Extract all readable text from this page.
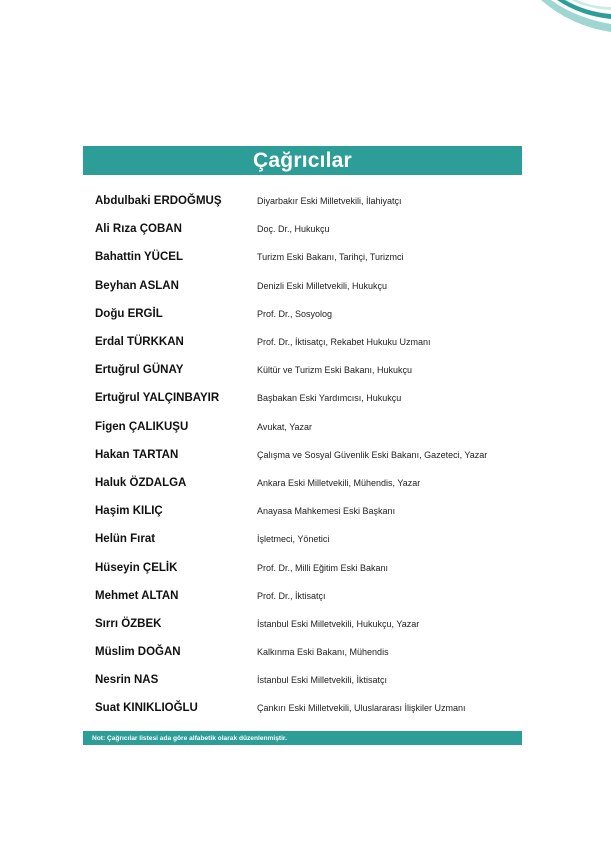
Çağrıcılar
Abdulbaki ERDOĞMUŞ	Diyarbakır Eski Milletvekili, İlahiyatçı
Ali Rıza ÇOBAN	Doç. Dr., Hukukçu
Bahattin YÜCEL	Turizm Eski Bakanı, Tarihçi, Turizmci
Beyhan ASLAN	Denizli Eski Milletvekili, Hukukçu
Doğu ERGİL	Prof. Dr., Sosyolog
Erdal TÜRKKAN	Prof. Dr., İktisatçı, Rekabet Hukuku Uzmanı
Ertuğrul GÜNAY	Kültür ve Turizm Eski Bakanı, Hukukçu
Ertuğrul YALÇINBAYIR	Başbakan Eski Yardımcısı, Hukukçu
Figen ÇALIKUŞU	Avukat, Yazar
Hakan TARTAN	Çalışma ve Sosyal Güvenlik Eski Bakanı, Gazeteci, Yazar
Haluk ÖZDALGA	Ankara Eski Milletvekili, Mühendis, Yazar
Haşim KILIÇ	Anayasa Mahkemesi Eski Başkanı
Helün Fırat	İşletmeci, Yönetici
Hüseyin ÇELİK	Prof. Dr., Milli Eğitim Eski Bakanı
Mehmet ALTAN	Prof. Dr., İktisatçı
Sırrı ÖZBEK	İstanbul Eski Milletvekili, Hukukçu, Yazar
Müslim DOĞAN	Kalkınma Eski Bakanı, Mühendis
Nesrin NAS	İstanbul Eski Milletvekili, İktisatçı
Suat KINIKLIOĞLU	Çankırı Eski Milletvekili, Uluslararası İlişkiler Uzmanı
Not: Çağrıcılar listesi ada göre alfabetik olarak düzenlenmiştir.
